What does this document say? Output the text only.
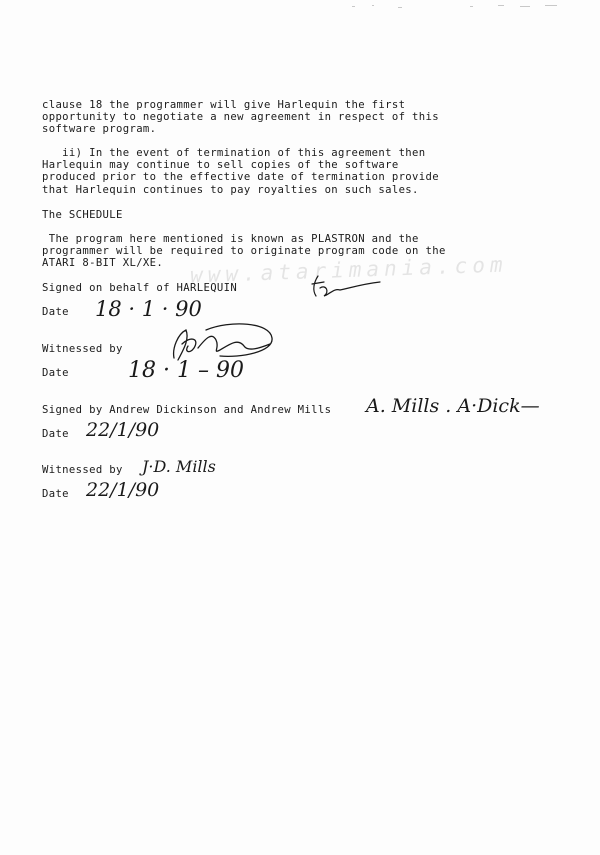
www.atarimania.com
clause 18 the programmer will give Harlequin the first
opportunity to negotiate a new agreement in respect of this
software program.
ii) In the event of termination of this agreement then
Harlequin may continue to sell copies of the software
produced prior to the effective date of termination provide
that Harlequin continues to pay royalties on such sales.
The SCHEDULE
The program here mentioned is known as PLASTRON and the
programmer will be required to originate program code on the
ATARI 8-BIT XL/XE.
Signed on behalf of HARLEQUIN
Date 18 · 1 · 90
Witnessed by
Date	18 · 1 – 90
Signed by Andrew Dickinson and Andrew Mills A. Mills . A·Dick—
Date 22/1/90
Witnessed by J·D. Mills
Date 22/1/90
